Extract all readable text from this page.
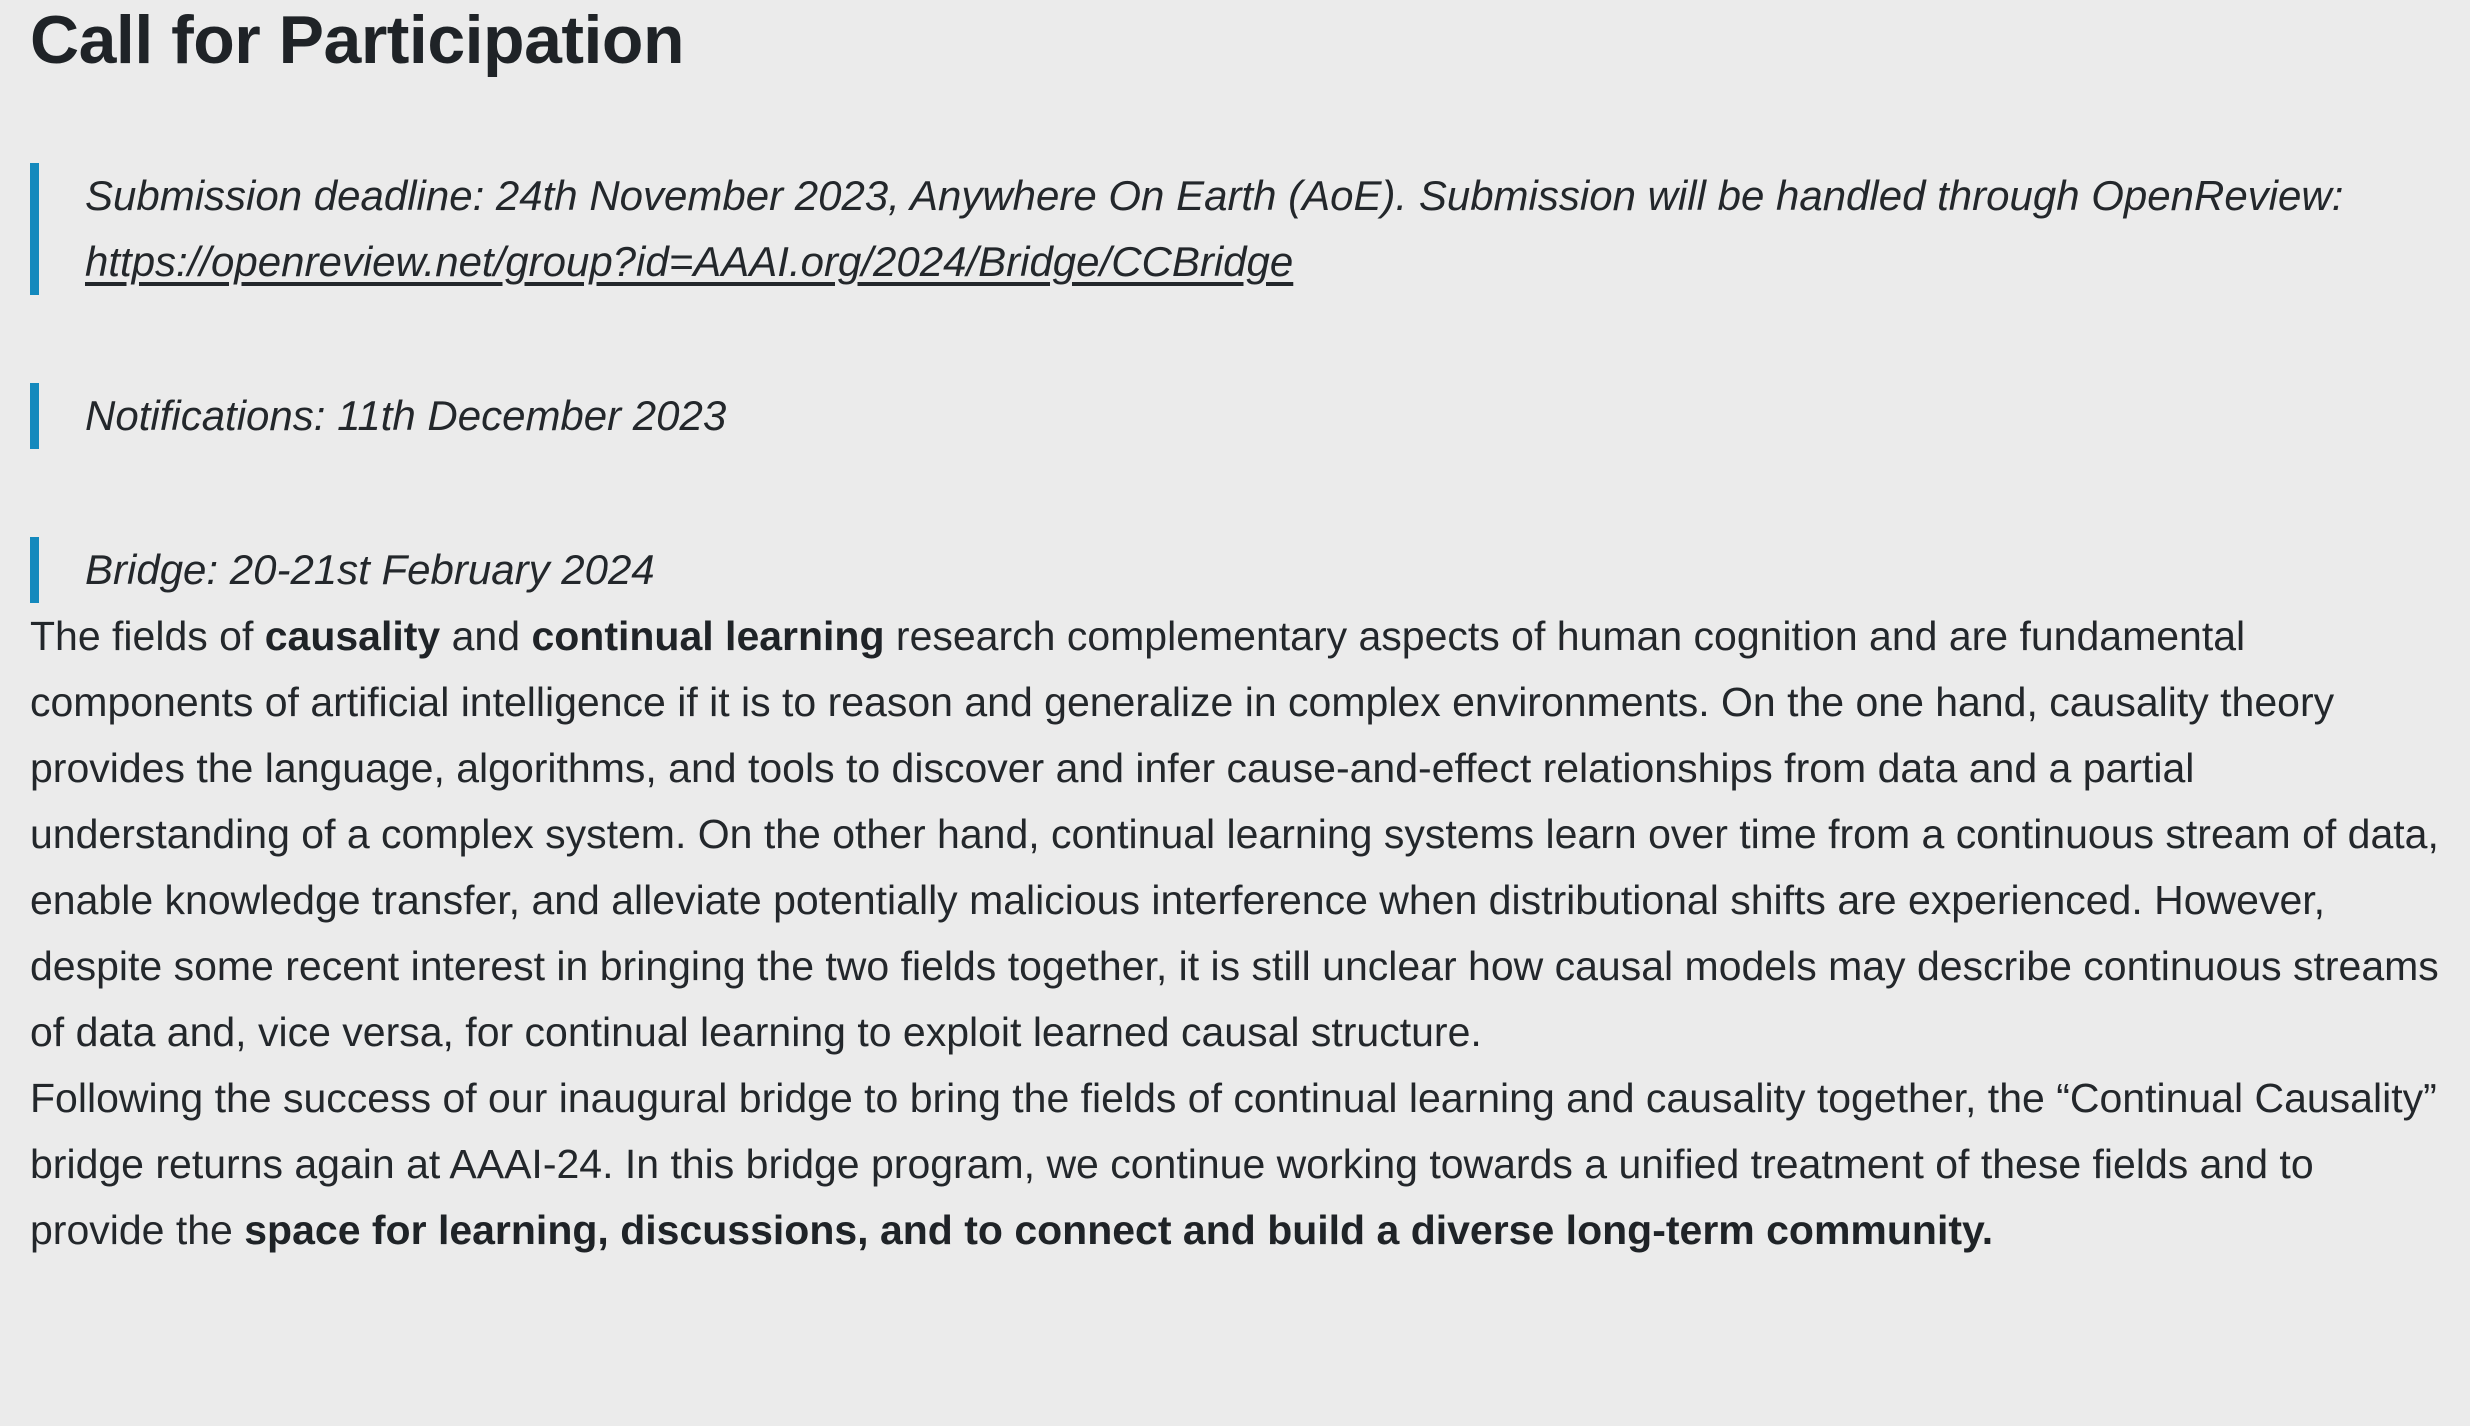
Call for Participation
Submission deadline: 24th November 2023, Anywhere On Earth (AoE). Submission will be handled through OpenReview: https://openreview.net/group?id=AAAI.org/2024/Bridge/CCBridge
Notifications: 11th December 2023
Bridge: 20-21st February 2024

The fields of causality and continual learning research complementary aspects of human cognition and are fundamental components of artificial intelligence if it is to reason and generalize in complex environments. On the one hand, causality theory provides the language, algorithms, and tools to discover and infer cause-and-effect relationships from data and a partial understanding of a complex system. On the other hand, continual learning systems learn over time from a continuous stream of data, enable knowledge transfer, and alleviate potentially malicious interference when distributional shifts are experienced. However, despite some recent interest in bringing the two fields together, it is still unclear how causal models may describe continuous streams of data and, vice versa, for continual learning to exploit learned causal structure.

Following the success of our inaugural bridge to bring the fields of continual learning and causality together, the “Continual Causality” bridge returns again at AAAI-24. In this bridge program, we continue working towards a unified treatment of these fields and to provide the space for learning, discussions, and to connect and build a diverse long-term community.
